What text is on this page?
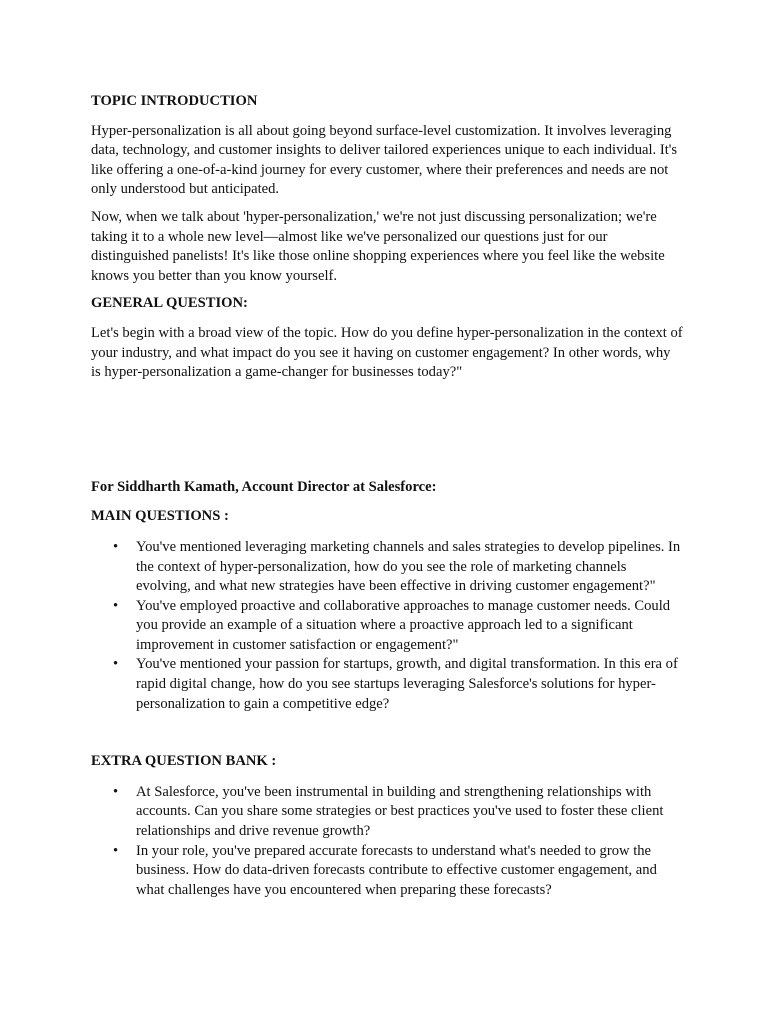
TOPIC INTRODUCTION

Hyper-personalization is all about going beyond surface-level customization. It involves leveraging data, technology, and customer insights to deliver tailored experiences unique to each individual. It's like offering a one-of-a-kind journey for every customer, where their preferences and needs are not only understood but anticipated.

Now, when we talk about 'hyper-personalization,' we're not just discussing personalization; we're taking it to a whole new level—almost like we've personalized our questions just for our distinguished panelists! It's like those online shopping experiences where you feel like the website knows you better than you know yourself.

GENERAL QUESTION:

Let's begin with a broad view of the topic. How do you define hyper-personalization in the context of your industry, and what impact do you see it having on customer engagement? In other words, why is hyper-personalization a game-changer for businesses today?"

For Siddharth Kamath, Account Director at Salesforce:

MAIN QUESTIONS :

• You've mentioned leveraging marketing channels and sales strategies to develop pipelines. In the context of hyper-personalization, how do you see the role of marketing channels evolving, and what new strategies have been effective in driving customer engagement?"
• You've employed proactive and collaborative approaches to manage customer needs. Could you provide an example of a situation where a proactive approach led to a significant improvement in customer satisfaction or engagement?"
• You've mentioned your passion for startups, growth, and digital transformation. In this era of rapid digital change, how do you see startups leveraging Salesforce's solutions for hyper-personalization to gain a competitive edge?

EXTRA QUESTION BANK :

• At Salesforce, you've been instrumental in building and strengthening relationships with accounts. Can you share some strategies or best practices you've used to foster these client relationships and drive revenue growth?
• In your role, you've prepared accurate forecasts to understand what's needed to grow the business. How do data-driven forecasts contribute to effective customer engagement, and what challenges have you encountered when preparing these forecasts?
